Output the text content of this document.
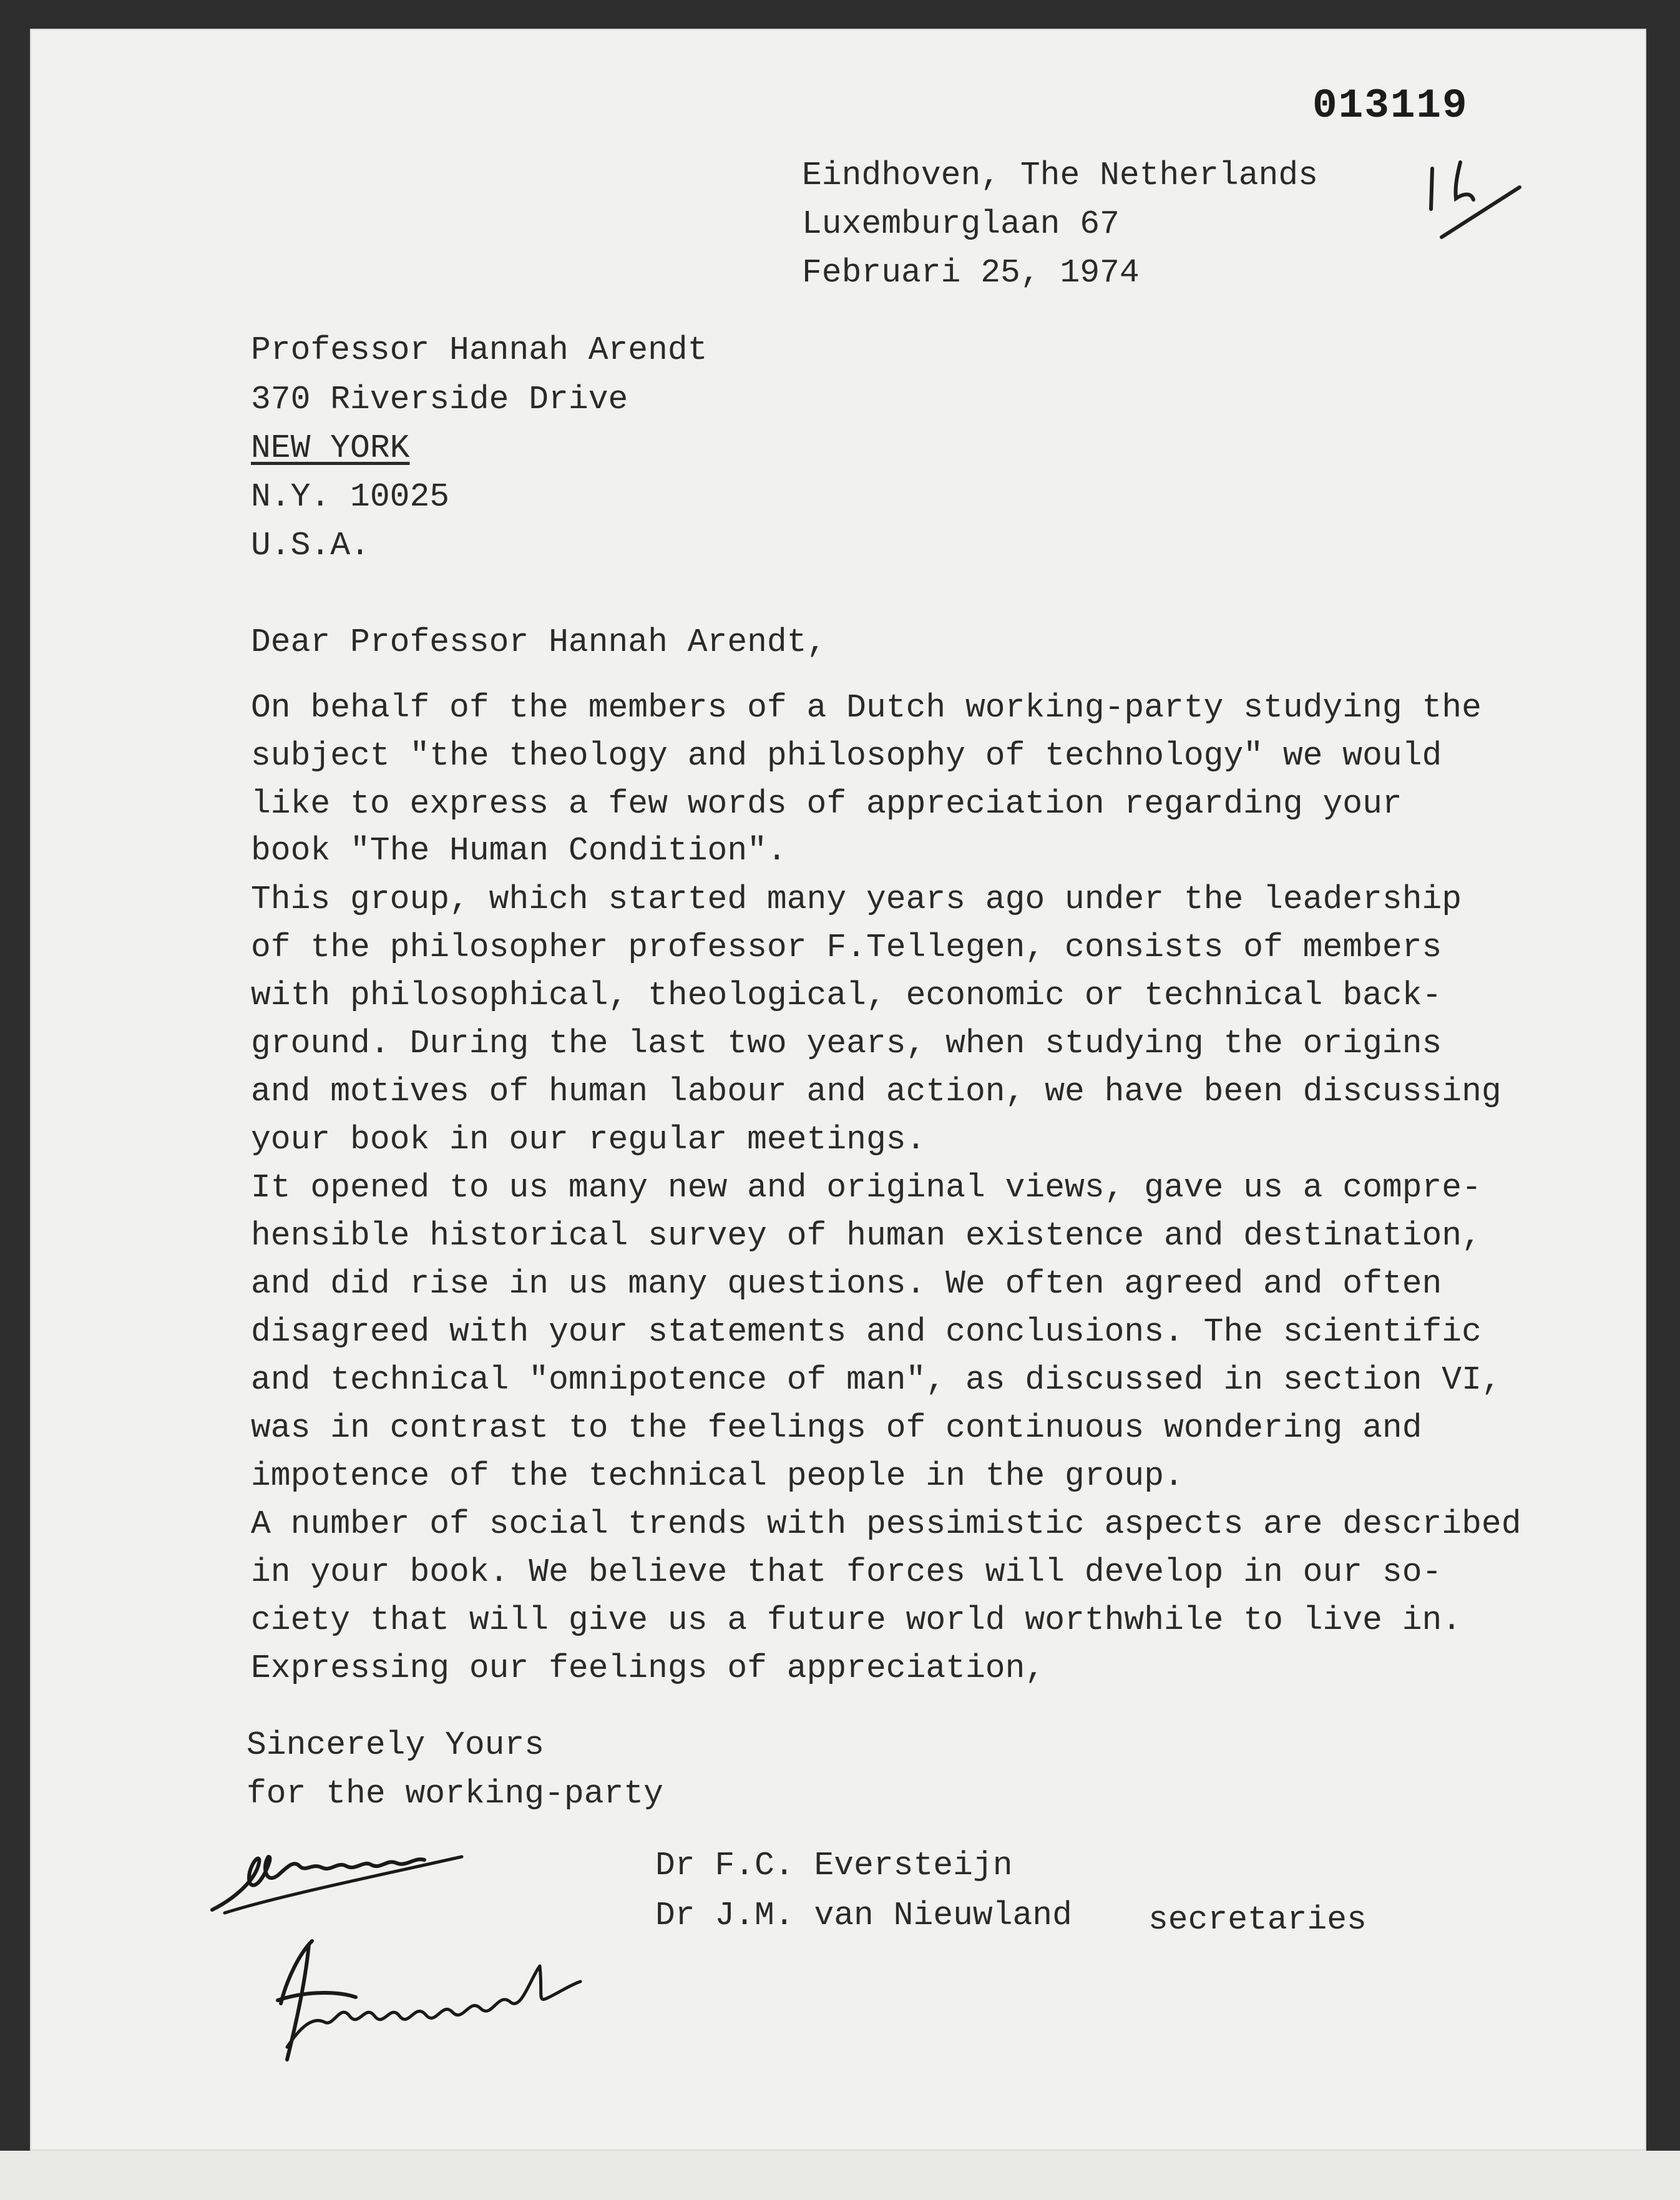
013119
Eindhoven, The Netherlands
Luxemburglaan 67
Februari 25, 1974
Professor Hannah Arendt
370 Riverside Drive
NEW YORK
N.Y. 10025
U.S.A.
Dear Professor Hannah Arendt,
On behalf of the members of a Dutch working-party studying the
subject "the theology and philosophy of technology" we would
like to express a few words of appreciation regarding your
book "The Human Condition".
This group, which started many years ago under the leadership
of the philosopher professor F.Tellegen, consists of members
with philosophical, theological, economic or technical back-
ground. During the last two years, when studying the origins
and motives of human labour and action, we have been discussing
your book in our regular meetings.
It opened to us many new and original views, gave us a compre-
hensible historical survey of human existence and destination,
and did rise in us many questions. We often agreed and often
disagreed with your statements and conclusions. The scientific
and technical "omnipotence of man", as discussed in section VI,
was in contrast to the feelings of continuous wondering and
impotence of the technical people in the group.
A number of social trends with pessimistic aspects are described
in your book. We believe that forces will develop in our so-
ciety that will give us a future world worthwhile to live in.
Expressing our feelings of appreciation,
Sincerely Yours
for the working-party
Dr F.C. Eversteijn
Dr J.M. van Nieuwland secretaries
